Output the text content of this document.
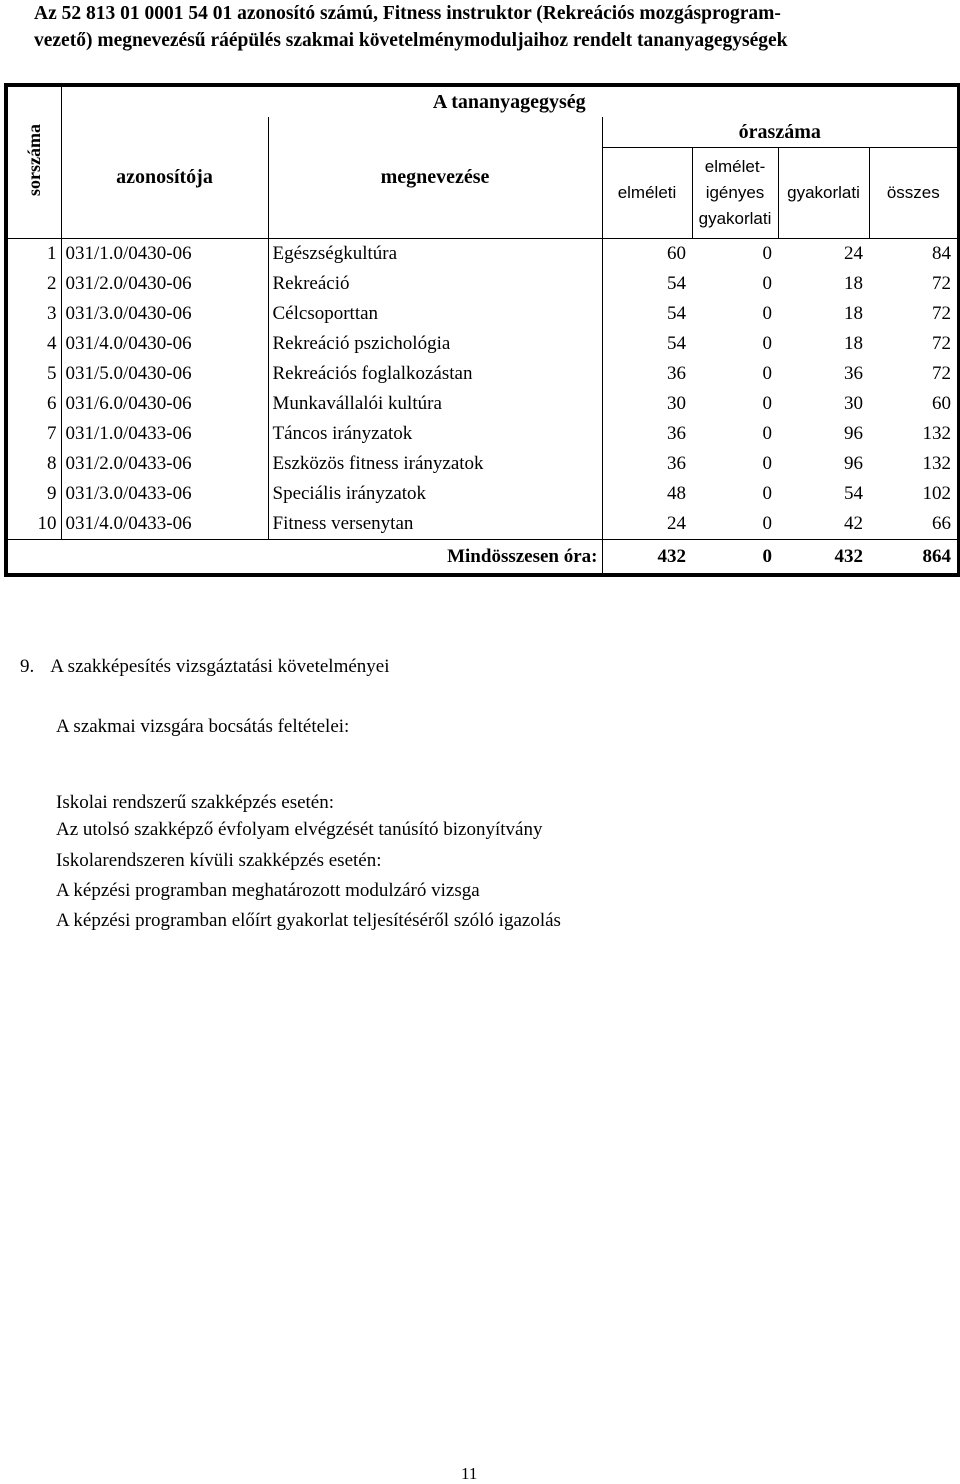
Az 52 813 01 0001 54 01 azonosító számú, Fitness instruktor (Rekreációs mozgásprogram-
vezető) megnevezésű ráépülés szakmai követelménymoduljaihoz rendelt tananyagegységek
sorszáma	A tananyagegység					
	azonosítója	megnevezése	óraszáma			
			elméleti	elmélet-
igényes
gyakorlati	gyakorlati	összes
1	031/1.0/0430-06	Egészségkultúra	60	0	24	84
2	031/2.0/0430-06	Rekreáció	54	0	18	72
3	031/3.0/0430-06	Célcsoporttan	54	0	18	72
4	031/4.0/0430-06	Rekreáció pszichológia	54	0	18	72
5	031/5.0/0430-06	Rekreációs foglalkozástan	36	0	36	72
6	031/6.0/0430-06	Munkavállalói kultúra	30	0	30	60
7	031/1.0/0433-06	Táncos irányzatok	36	0	96	132
8	031/2.0/0433-06	Eszközös fitness irányzatok	36	0	96	132
9	031/3.0/0433-06	Speciális irányzatok	48	0	54	102
10	031/4.0/0433-06	Fitness versenytan	24	0	42	66
Mindösszesen óra:			432	0	432	864
9. A szakképesítés vizsgáztatási követelményei
A szakmai vizsgára bocsátás feltételei:
Iskolai rendszerű szakképzés esetén:
Az utolsó szakképző évfolyam elvégzését tanúsító bizonyítvány
Iskolarendszeren kívüli szakképzés esetén:
A képzési programban meghatározott modulzáró vizsga
A képzési programban előírt gyakorlat teljesítéséről szóló igazolás
11
